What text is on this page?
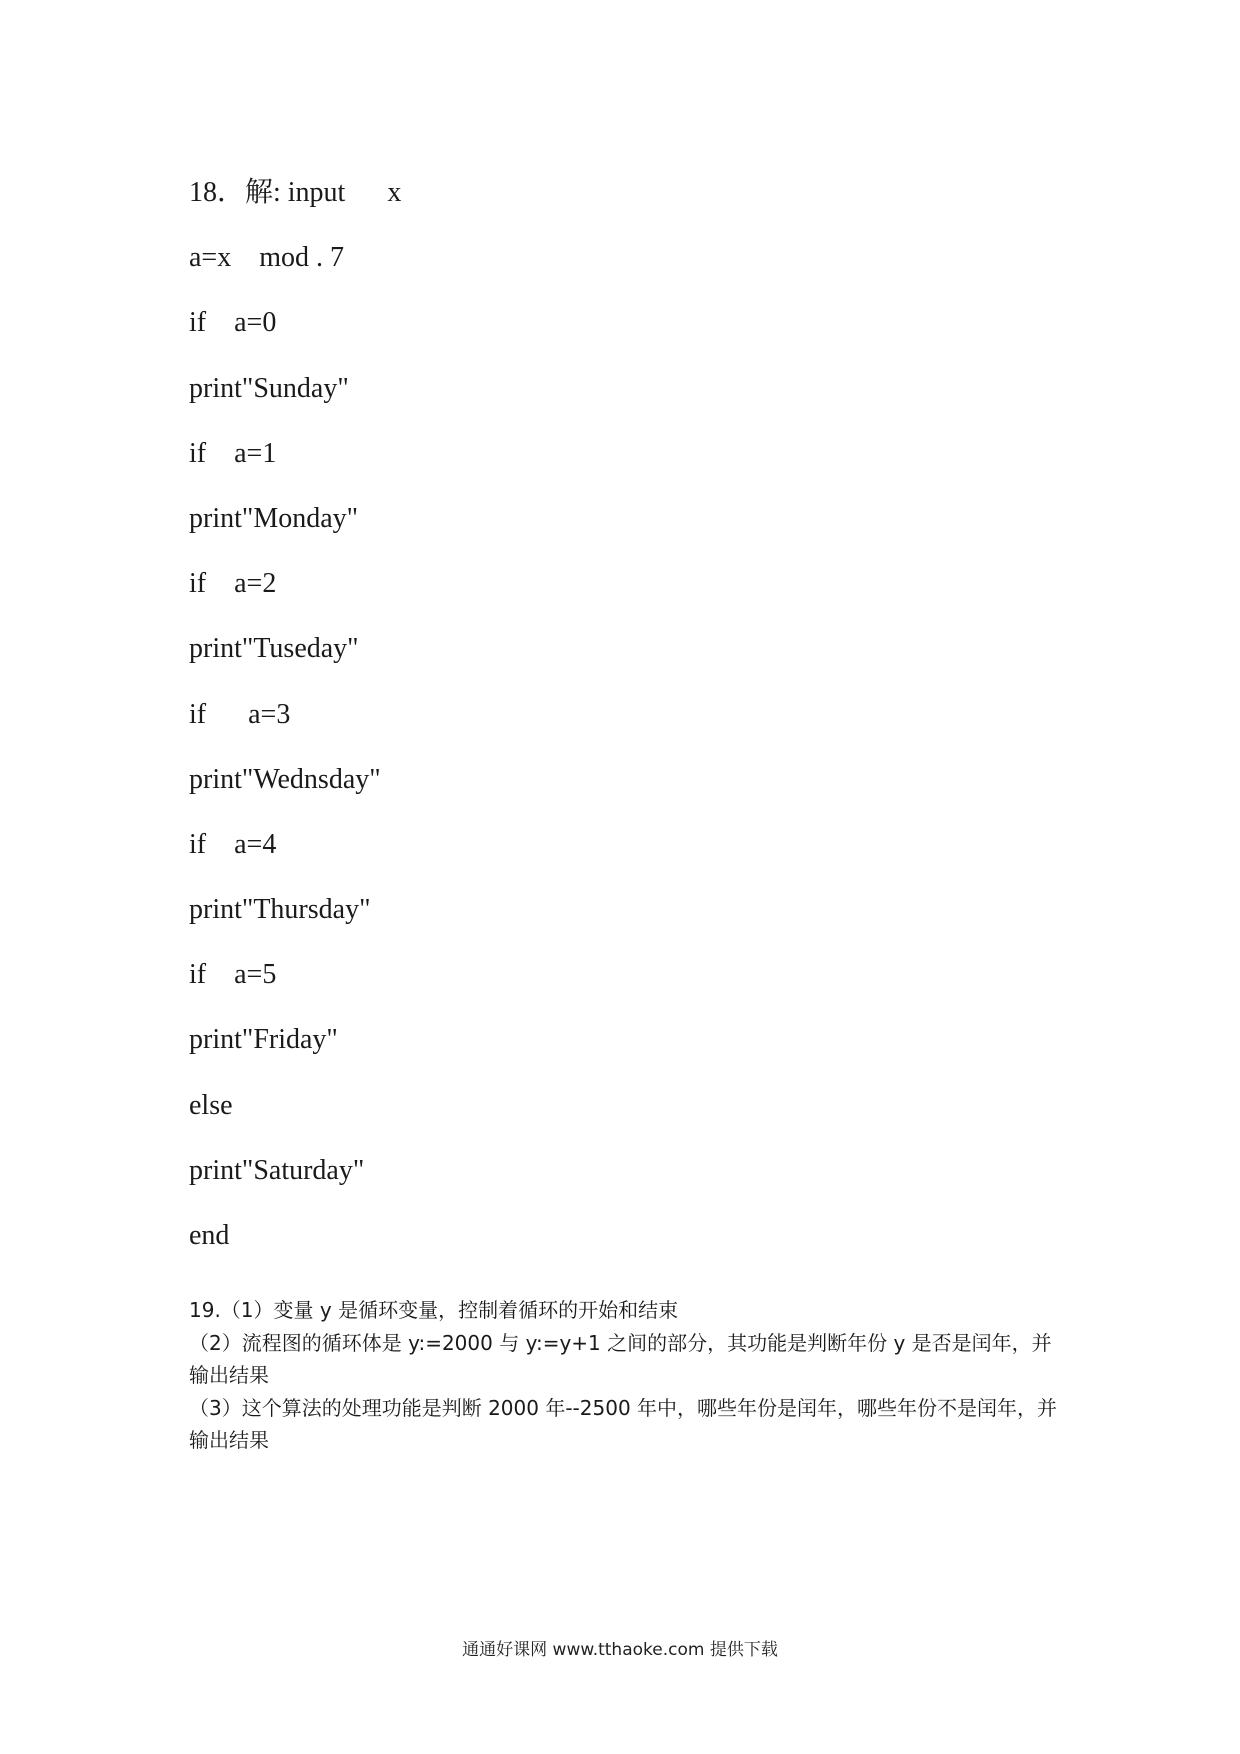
18．解: input      x
a=x    mod . 7
if    a=0
print"Sunday"
if    a=1
print"Monday"
if    a=2
print"Tuseday"
if      a=3
print"Wednsday"
if    a=4
print"Thursday"
if    a=5
print"Friday"
else
print"Saturday"
end

19.（1）变量 y 是循环变量，控制着循环的开始和结束

（2）流程图的循环体是 y:=2000 与 y:=y+1 之间的部分，其功能是判断年份 y 是否是闰年，并输出结果

（3）这个算法的处理功能是判断 2000 年--2500 年中，哪些年份是闰年，哪些年份不是闰年，并输出结果

通通好课网 www.tthaoke.com 提供下载
